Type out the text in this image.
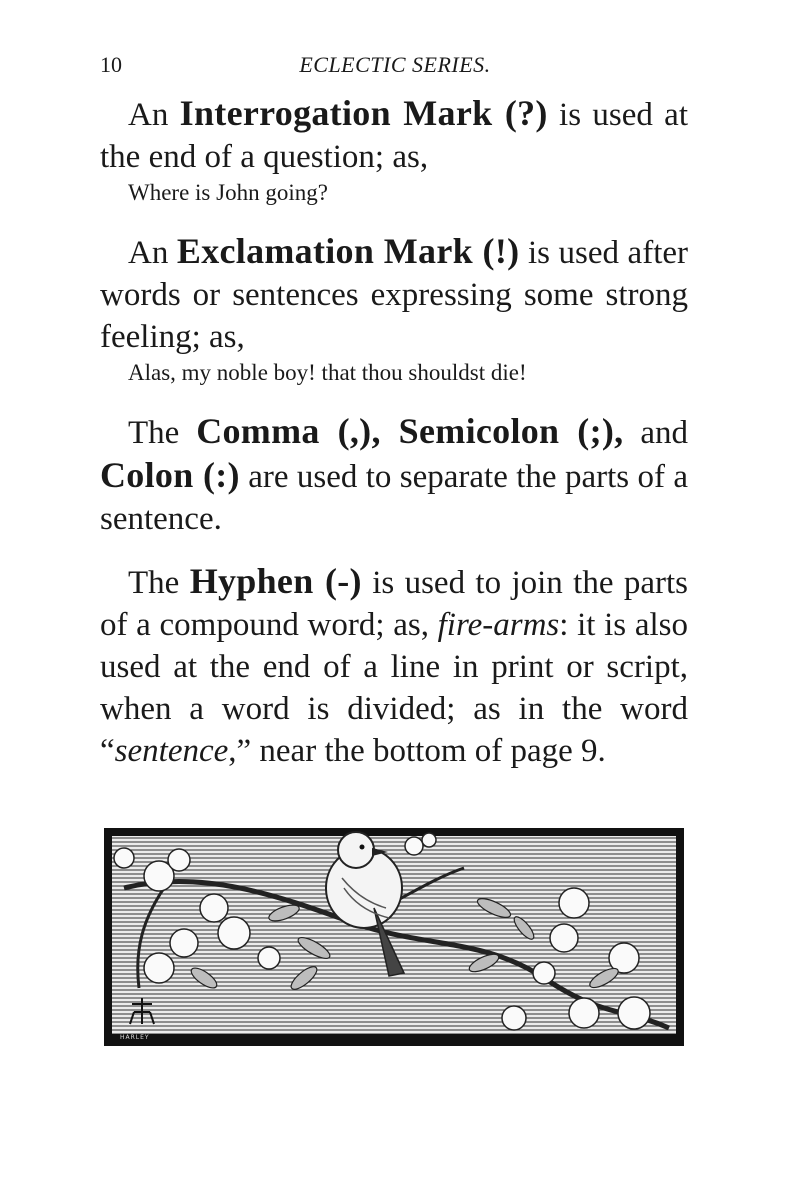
10	ECLECTIC SERIES.

An Interrogation Mark (?) is used at the end of a question; as,

Where is John going?

An Exclamation Mark (!) is used after words or sentences expressing some strong feeling; as,

Alas, my noble boy! that thou shouldst die!

The Comma (,), Semicolon (;), and Colon (:) are used to separate the parts of a sentence.

The Hyphen (-) is used to join the parts of a compound word; as, fire-arms: it is also used at the end of a line in print or script, when a word is divided; as in the word “sentence,” near the bottom of page 9.

HARLEY
